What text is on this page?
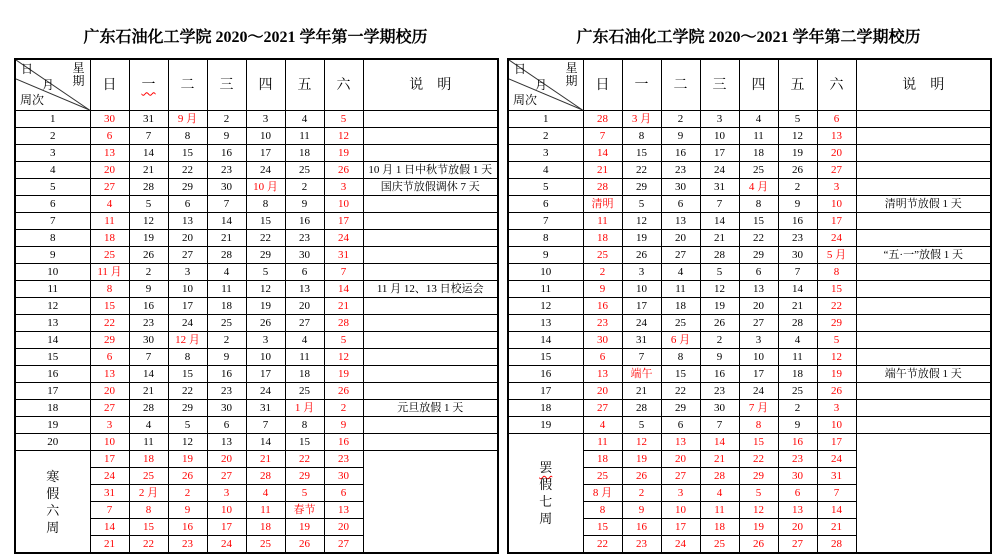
广东石油化工学院 2020～2021 学年第一学期校历
日 星
期
月
周次	日	一	二	三	四	五	六	说　明
1	30	31	9 月	2	3	4	5	
2	6	7	8	9	10	11	12	
3	13	14	15	16	17	18	19	
4	20	21	22	23	24	25	26	10 月 1 日中秋节放假 1 天
5	27	28	29	30	10 月	2	3	国庆节放假调休 7 天
6	4	5	6	7	8	9	10	
7	11	12	13	14	15	16	17	
8	18	19	20	21	22	23	24	
9	25	26	27	28	29	30	31	
10	11 月	2	3	4	5	6	7	
11	8	9	10	11	12	13	14	11 月 12、13 日校运会
12	15	16	17	18	19	20	21	
13	22	23	24	25	26	27	28	
14	29	30	12 月	2	3	4	5	
15	6	7	8	9	10	11	12	
16	13	14	15	16	17	18	19	
17	20	21	22	23	24	25	26	
18	27	28	29	30	31	1 月	2	元旦放假 1 天
19	3	4	5	6	7	8	9	
20	10	11	12	13	14	15	16	

寒
假
六
周	17	18	19	20	21	22	23	
	24	25	26	27	28	29	30	
	31	2 月	2	3	4	5	6	
	7	8	9	10	11	春节	13	
	14	15	16	17	18	19	20	
	21	22	23	24	25	26	27	
广东石油化工学院 2020～2021 学年第二学期校历
日 星
期
月
周次	日	一	二	三	四	五	六	说　明
1	28	3 月	2	3	4	5	6	
2	7	8	9	10	11	12	13	
3	14	15	16	17	18	19	20	
4	21	22	23	24	25	26	27	
5	28	29	30	31	4 月	2	3	
6	清明	5	6	7	8	9	10	清明节放假 1 天
7	11	12	13	14	15	16	17	
8	18	19	20	21	22	23	24	
9	25	26	27	28	29	30	5 月	“五·一”放假 1 天
10	2	3	4	5	6	7	8	
11	9	10	11	12	13	14	15	
12	16	17	18	19	20	21	22	
13	23	24	25	26	27	28	29	
14	30	31	6 月	2	3	4	5	
15	6	7	8	9	10	11	12	
16	13	端午	15	16	17	18	19	端午节放假 1 天
17	20	21	22	23	24	25	26	
18	27	28	29	30	7 月	2	3	
19	4	5	6	7	8	9	10	

罢
假
七
周	11	12	13	14	15	16	17	
	18	19	20	21	22	23	24	
	25	26	27	28	29	30	31	
	8 月	2	3	4	5	6	7	
	8	9	10	11	12	13	14	
	15	16	17	18	19	20	21	
	22	23	24	25	26	27	28	
